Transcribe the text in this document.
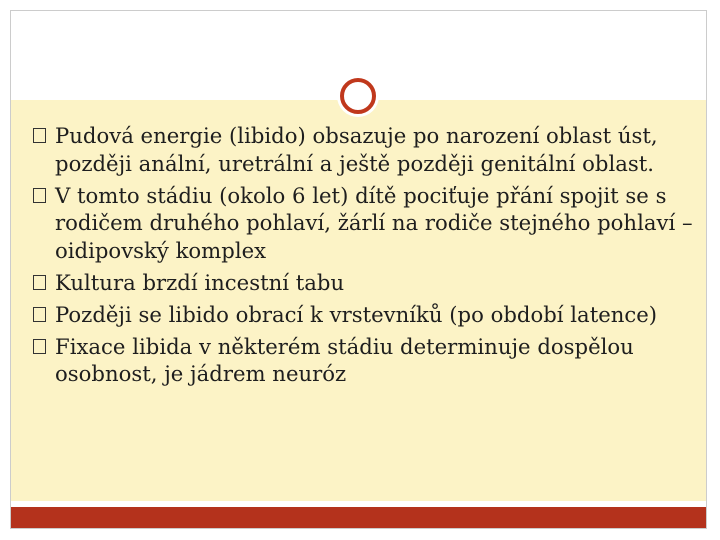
Pudová energie (libido) obsazuje po narození oblast úst, později anální, uretrální a ještě později genitální oblast.
V tomto stádiu (okolo 6 let) dítě pociťuje přání spojit se s rodičem druhého pohlaví, žárlí na rodiče stejného pohlaví – oidipovský komplex
Kultura brzdí incestní tabu
Později se libido obrací k vrstevníků (po období latence)
Fixace libida v některém stádiu determinuje dospělou osobnost, je jádrem neuróz
